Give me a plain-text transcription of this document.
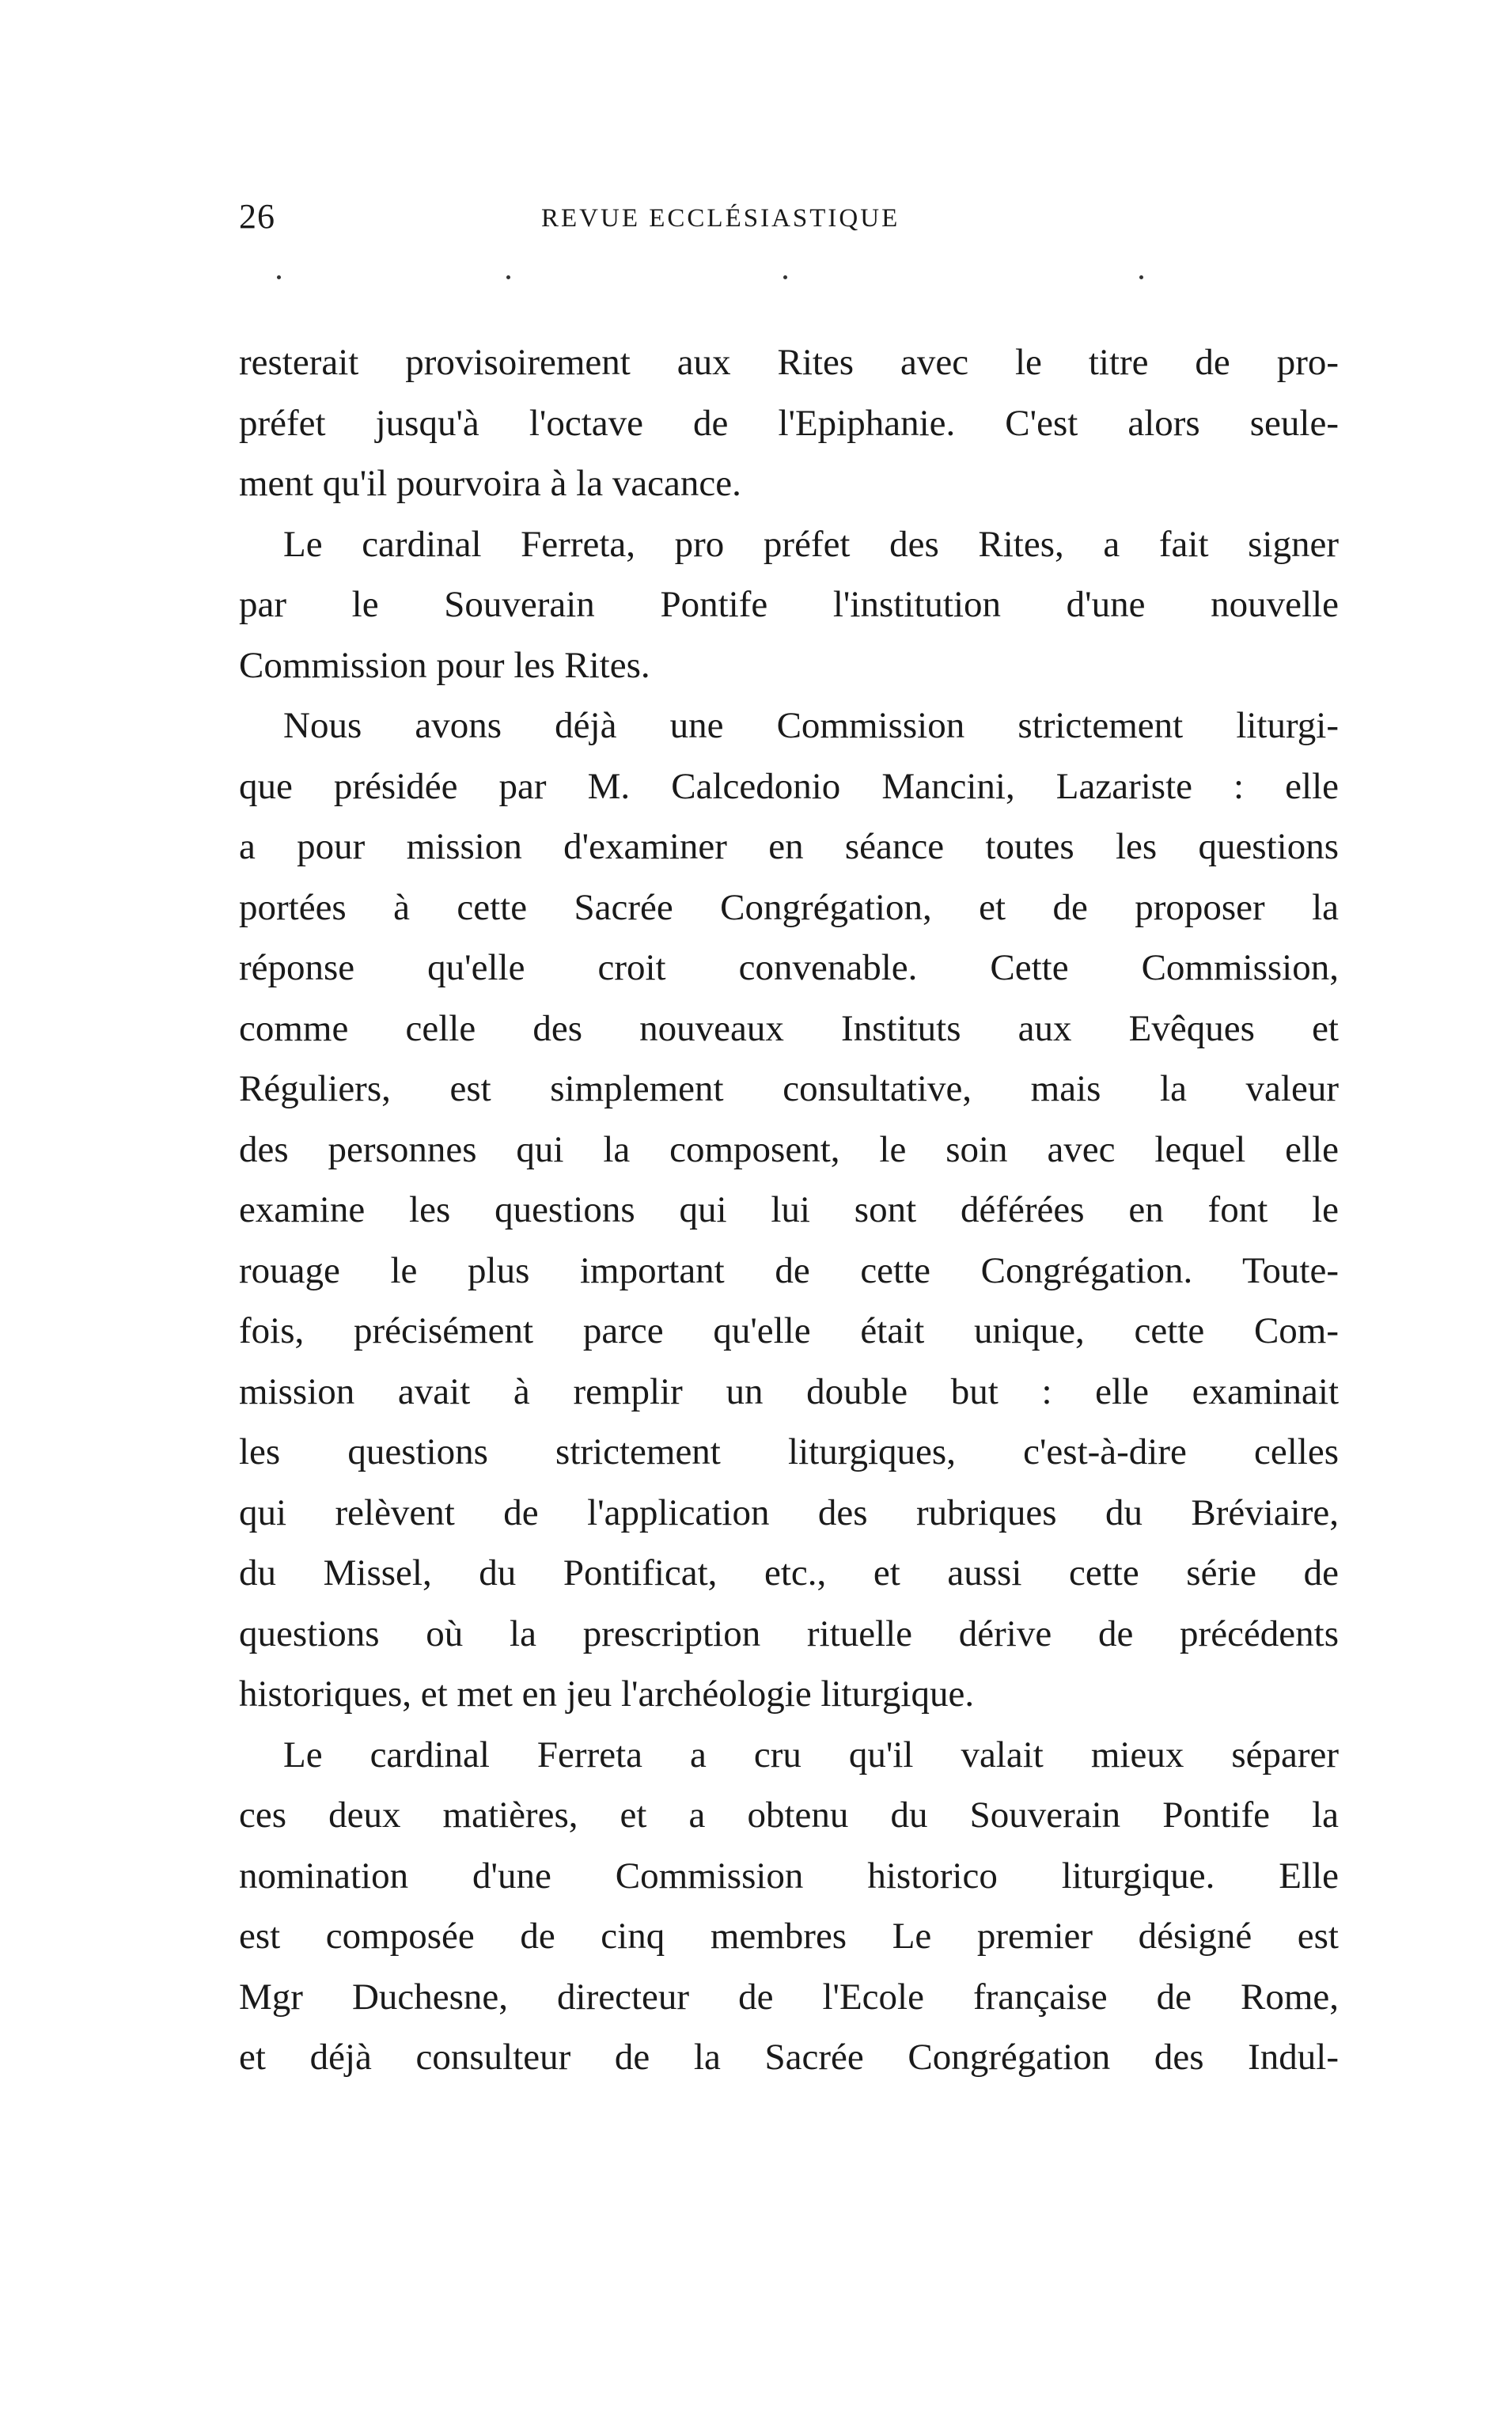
26	REVUE ECCLÉSIASTIQUE
resterait provisoirement aux Rites avec le titre de pro-
préfet jusqu'à l'octave de l'Epiphanie. C'est alors seule-
ment qu'il pourvoira à la vacance.
Le cardinal Ferreta, pro préfet des Rites, a fait signer
par le Souverain Pontife l'institution d'une nouvelle
Commission pour les Rites.
Nous avons déjà une Commission strictement liturgi-
que présidée par M. Calcedonio Mancini, Lazariste : elle
a pour mission d'examiner en séance toutes les questions
portées à cette Sacrée Congrégation, et de proposer la
réponse qu'elle croit convenable. Cette Commission,
comme celle des nouveaux Instituts aux Evêques et
Réguliers, est simplement consultative, mais la valeur
des personnes qui la composent, le soin avec lequel elle
examine les questions qui lui sont déférées en font le
rouage le plus important de cette Congrégation. Toute-
fois, précisément parce qu'elle était unique, cette Com-
mission avait à remplir un double but : elle examinait
les questions strictement liturgiques, c'est-à-dire celles
qui relèvent de l'application des rubriques du Bréviaire,
du Missel, du Pontificat, etc., et aussi cette série de
questions où la prescription rituelle dérive de précédents
historiques, et met en jeu l'archéologie liturgique.
Le cardinal Ferreta a cru qu'il valait mieux séparer
ces deux matières, et a obtenu du Souverain Pontife la
nomination d'une Commission historico liturgique. Elle
est composée de cinq membres Le premier désigné est
Mgr Duchesne, directeur de l'Ecole française de Rome,
et déjà consulteur de la Sacrée Congrégation des Indul-
